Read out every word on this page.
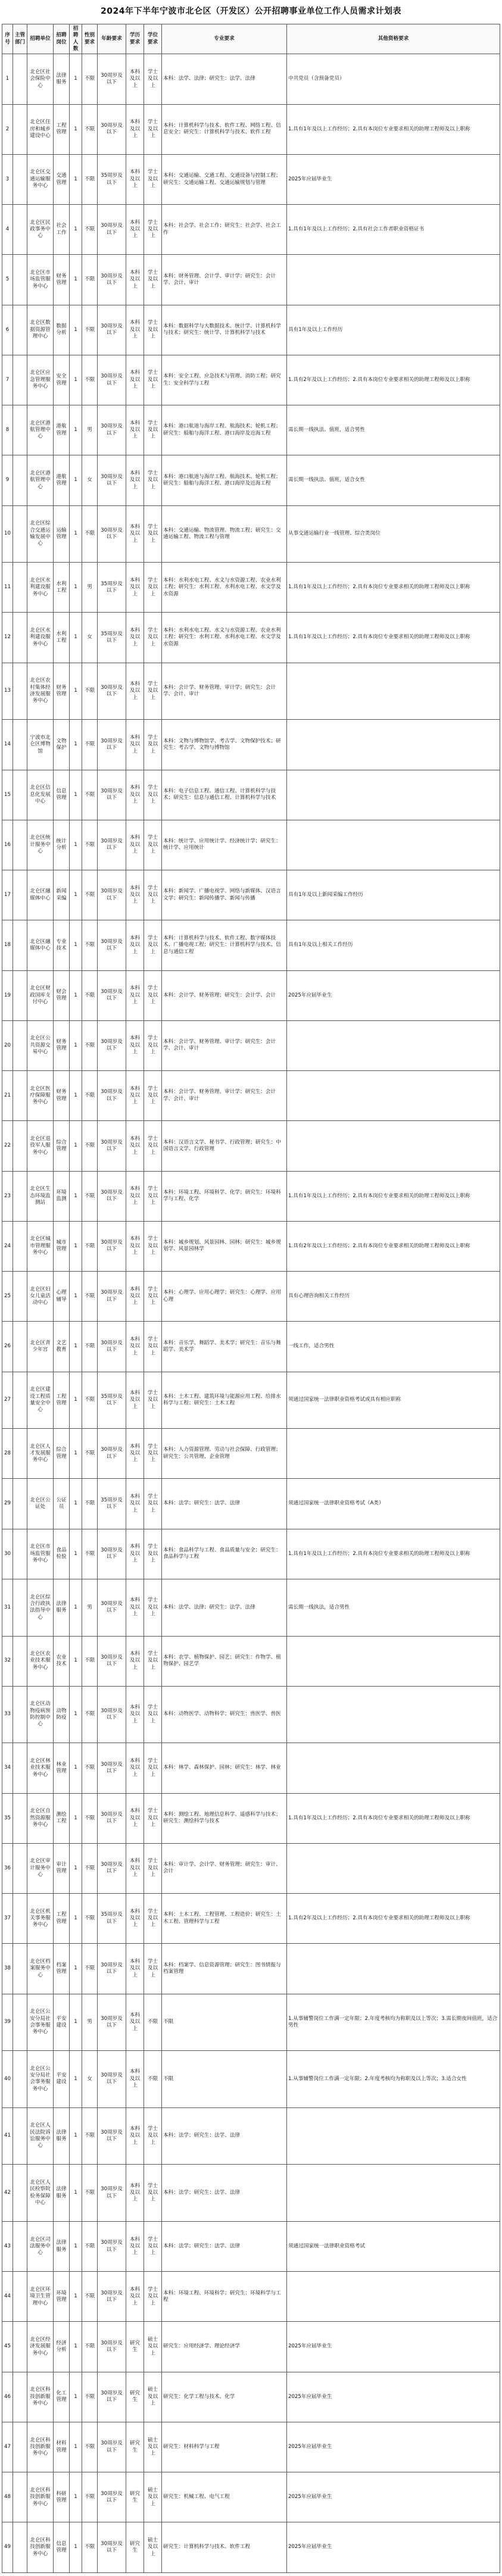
2024年下半年宁波市北仑区（开发区）公开招聘事业单位工作人员需求计划表
序号	主管部门	招聘单位	招聘岗位	招聘人数	性别要求	年龄要求	学历要求	学位要求	专业要求	其他资格要求
1		北仑区社会保险中心	法律服务	1	不限	30周岁及以下	本科及以上	学士及以上	本科：法学、法律；研究生：法学、法律	中共党员（含预备党员）
2		北仑区住房和城乡建设中心	工程管理	1	不限	30周岁及以下	本科及以上	学士及以上	本科：计算机科学与技术、软件工程、网络工程、信息安全；研究生：计算机科学与技术、软件工程	1.具有1年及以上工作经历；2.具有本岗位专业要求相关的助理工程师及以上职称
3		北仑区交通运输服务中心	交通管理	1	不限	35周岁及以下	本科及以上	学士及以上	本科：交通运输、交通工程、交通设备与控制工程；研究生：交通运输工程、交通运输规划与管理	2025年应届毕业生
4		北仑区民政事务中心	社会工作	1	不限	30周岁及以下	本科及以上	学士及以上	本科：社会学、社会工作；研究生：社会学、社会工作	1.具有1年及以上工作经历；2.具有社会工作者职业资格证书
5		北仑区市场监管服务中心	财务管理	1	不限	30周岁及以下	本科及以上	学士及以上	本科：财务管理、会计学、审计学；研究生：会计学、会计、审计	
6		北仑区数据资源管理中心	数据分析	1	不限	30周岁及以下	本科及以上	学士及以上	本科：数据科学与大数据技术、统计学、计算机科学与技术；研究生：统计学、计算机科学与技术	具有1年及以上工作经历
7		北仑区应急管理服务中心	安全管理	1	不限	30周岁及以下	本科及以上	学士及以上	本科：安全工程、应急技术与管理、消防工程；研究生：安全科学与工程	1.具有2年及以上工作经历；2.具有本岗位专业要求相关的助理工程师及以上职称
8		北仑区港航管理中心	港航管理	1	男	30周岁及以下	本科及以上	学士及以上	本科：港口航道与海岸工程、航海技术、轮机工程；研究生：船舶与海洋工程、港口海岸及近海工程	需长期一线执法、值班，适合男性
9		北仑区港航管理中心	港航管理	1	女	30周岁及以下	本科及以上	学士及以上	本科：港口航道与海岸工程、航海技术、轮机工程；研究生：船舶与海洋工程、港口海岸及近海工程	需长期一线执法、值班，适合女性
10		北仑区综合交通运输发展中心	运输管理	1	不限	30周岁及以下	本科及以上	学士及以上	本科：交通运输、物流管理、物流工程；研究生：交通运输工程、物流工程与管理	从事交通运输行业一线管理、综合类岗位
11		北仑区水利建设服务中心	水利工程	1	男	35周岁及以下	本科及以上	学士及以上	本科：水利水电工程、水文与水资源工程、农业水利工程；研究生：水利工程、水利水电工程、水文学及水资源	1.具有1年及以上工作经历；2.具有本岗位专业要求相关的助理工程师及以上职称
12		北仑区水利建设服务中心	水利工程	1	女	35周岁及以下	本科及以上	学士及以上	本科：水利水电工程、水文与水资源工程、农业水利工程；研究生：水利工程、水利水电工程、水文学及水资源	1.具有1年及以上工作经历；2.具有本岗位专业要求相关的助理工程师及以上职称
13		北仑区农村集体经济发展服务中心	财务管理	1	不限	30周岁及以下	本科及以上	学士及以上	本科：会计学、财务管理、审计学；研究生：会计学、会计、审计	
14		宁波市北仑区博物馆	文物保护	1	不限	30周岁及以下	本科及以上	学士及以上	本科：文物与博物馆学、考古学、文物保护技术；研究生：考古学、文物与博物馆	
15		北仑区信息化发展中心	信息管理	1	不限	30周岁及以下	本科及以上	学士及以上	本科：电子信息工程、通信工程、计算机科学与技术；研究生：信息与通信工程、计算机科学与技术	
16		北仑区统计服务中心	统计分析	1	不限	30周岁及以下	本科及以上	学士及以上	本科：统计学、应用统计学、经济统计学；研究生：统计学、应用统计	
17		北仑区融媒体中心	新闻采编	1	不限	30周岁及以下	本科及以上	学士及以上	本科：新闻学、广播电视学、网络与新媒体、汉语言文学；研究生：新闻传播学、新闻与传播	具有1年及以上新闻采编工作经历
18		北仑区融媒体中心	专业技术	1	不限	30周岁及以下	本科及以上	学士及以上	本科：计算机科学与技术、软件工程、数字媒体技术、广播电视工程；研究生：计算机科学与技术、信息与通信工程	具有1年及以上相关工作经历
19		北仑区财政国库支付中心	财会管理	1	不限	30周岁及以下	本科及以上	学士及以上	本科：会计学、财务管理；研究生：会计学、会计	2025年应届毕业生
20		北仑区公共资源交易中心	财务管理	1	不限	30周岁及以下	本科及以上	学士及以上	本科：会计学、财务管理、审计学；研究生：会计学、会计、审计	
21		北仑区医疗保障服务中心	财务管理	1	不限	30周岁及以下	本科及以上	学士及以上	本科：会计学、财务管理、审计学；研究生：会计学、会计、审计	
22		北仑区退役军人服务中心	综合管理	1	不限	30周岁及以下	本科及以上	学士及以上	本科：汉语言文学、秘书学、行政管理；研究生：中国语言文学、行政管理	
23		北仑区生态环境监测站	环境监测	1	不限	30周岁及以下	本科及以上	学士及以上	本科：环境工程、环境科学、化学；研究生：环境科学与工程、化学	1.具有1年及以上工作经历；2.具有本岗位专业要求相关的助理工程师及以上职称
24		北仑区城市管理服务中心	城市管理	1	不限	30周岁及以下	本科及以上	学士及以上	本科：城乡规划、风景园林、园林；研究生：城乡规划学、风景园林学	1.具有2年及以上工作经历；2.具有本岗位专业要求相关的助理工程师及以上职称
25		北仑区妇女儿童活动中心	心理辅导	1	不限	30周岁及以下	本科及以上	学士及以上	本科：心理学、应用心理学；研究生：心理学、应用心理	具有心理咨询相关工作经历
26		北仑区青少年宫	文艺教育	1	不限	30周岁及以下	本科及以上	学士及以上	本科：音乐学、舞蹈学、美术学；研究生：音乐与舞蹈学、美术学	一线工作，适合男性
27		北仑区建设工程质量安全中心	工程管理	1	不限	35周岁及以下	本科及以上	学士及以上	本科：土木工程、建筑环境与能源应用工程、给排水科学与工程；研究生：土木工程	须通过国家统一法律职业资格考试或具有相应职称
28		北仑区人才发展服务中心	综合管理	1	不限	30周岁及以下	本科及以上	学士及以上	本科：人力资源管理、劳动与社会保障、行政管理；研究生：公共管理、企业管理	
29		北仑区公证处	公证员	1	不限	35周岁及以下	本科及以上	学士及以上	本科：法学；研究生：法学、法律	须通过国家统一法律职业资格考试（A类）
30		北仑区市场监管服务中心	食品检验	1	不限	30周岁及以下	本科及以上	学士及以上	本科：食品科学与工程、食品质量与安全；研究生：食品科学与工程	1.具有1年及以上工作经历；2.具有本岗位专业要求相关的助理工程师及以上职称
31		北仑区综合行政执法指导中心	法律服务	1	男	30周岁及以下	本科及以上	学士及以上	本科：法学、法律；研究生：法学、法律	需长期一线执法，适合男性
32		北仑区农业技术服务中心	农业技术	1	不限	30周岁及以下	本科及以上	学士及以上	本科：农学、植物保护、园艺；研究生：作物学、植物保护、园艺学	
33		北仑区动物疫病预防控制中心	动物防疫	1	不限	30周岁及以下	本科及以上	学士及以上	本科：动物医学、动物科学；研究生：兽医学、兽医	
34		北仑区林业技术服务中心	林业管理	1	不限	30周岁及以下	本科及以上	学士及以上	本科：林学、森林保护、园林；研究生：林学、林业	
35		北仑区自然资源服务中心	测绘工程	1	不限	30周岁及以下	本科及以上	学士及以上	本科：测绘工程、地理信息科学、遥感科学与技术；研究生：测绘科学与技术	1.具有1年及以上工作经历；2.具有本岗位专业要求相关的助理工程师及以上职称
36		北仑区审计服务中心	审计管理	1	不限	30周岁及以下	本科及以上	学士及以上	本科：审计学、会计学、财务管理；研究生：审计、会计	
37		北仑区机关事务服务中心	工程管理	1	不限	35周岁及以下	本科及以上	学士及以上	本科：土木工程、工程管理、工程造价；研究生：土木工程、管理科学与工程	1.具有2年及以上工作经历；2.具有本岗位专业要求相关的助理工程师及以上职称
38		北仑区档案服务中心	档案管理	1	不限	30周岁及以下	本科及以上	学士及以上	本科：档案学、信息资源管理；研究生：图书情报与档案管理	
39		北仑区公安分局社会事务服务中心	平安建设	1	男	30周岁及以下	本科及以上	不限	不限	1.从事辅警岗位工作满一定年限；2.年度考核均为称职及以上等次；3.需长期夜间值班，适合男性
40		北仑区公安分局社会事务服务中心	平安建设	1	女	30周岁及以下	本科及以上	不限	不限	1.从事辅警岗位工作满一定年限；2.年度考核均为称职及以上等次；3.适合女性
41		北仑区人民法院诉讼服务中心	法律服务	1	不限	30周岁及以下	本科及以上	学士及以上	本科：法学；研究生：法学、法律	
42		北仑区人民检察院检务保障中心	法律服务	1	不限	30周岁及以下	本科及以上	学士及以上	本科：法学；研究生：法学、法律	
43		北仑区司法服务中心	法律服务	1	不限	30周岁及以下	本科及以上	学士及以上	本科：法学；研究生：法学、法律	须通过国家统一法律职业资格考试
44		北仑区环境卫生管理中心	环境管理	1	不限	30周岁及以下	本科及以上	学士及以上	本科：环境工程、环境科学；研究生：环境科学与工程	
45		北仑区经济发展服务中心	经济分析	1	不限	30周岁及以下	研究生	硕士及以上	研究生：应用经济学、理论经济学	2025年应届毕业生
46		北仑区科技创新服务中心	化工管理	1	不限	30周岁及以下	研究生	硕士及以上	研究生：化学工程与技术、化学	2025年应届毕业生
47		北仑区科技创新服务中心	材料管理	1	不限	30周岁及以下	研究生	硕士及以上	研究生：材料科学与工程	2025年应届毕业生
48		北仑区科技创新服务中心	科研管理	1	不限	30周岁及以下	研究生	硕士及以上	研究生：机械工程、电气工程	2025年应届毕业生
49		北仑区科技创新服务中心	信息管理	1	不限	30周岁及以下	研究生	硕士及以上	研究生：计算机科学与技术、软件工程	2025年应届毕业生
